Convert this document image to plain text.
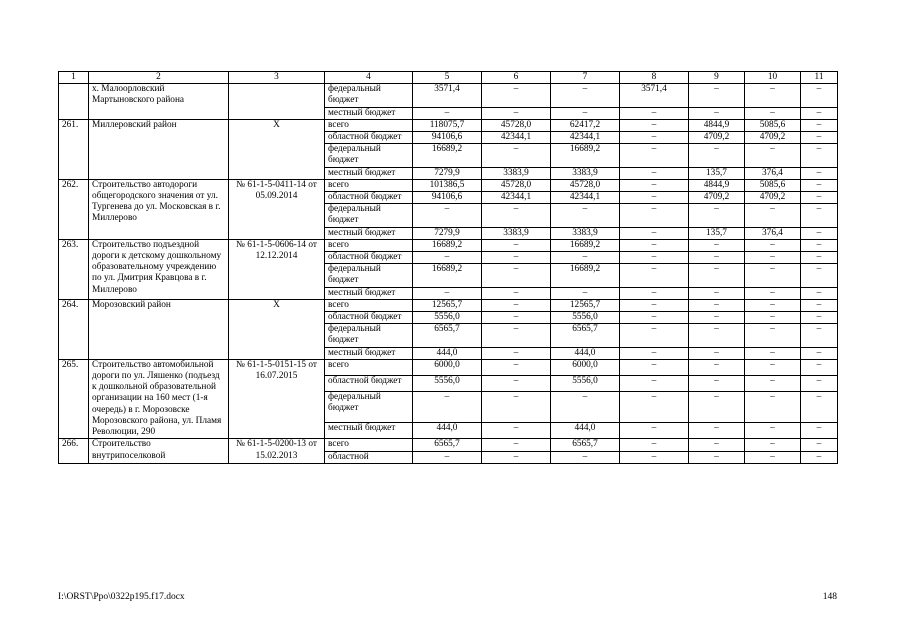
1	2	3	4	5	6	7	8	9	10	11
	х. Малоорловский Мартыновского района		федеральный бюджет	3571,4	–	–	3571,4	–	–	–
			местный бюджет	–	–	–	–	–	–	–
261.	Миллеровский район	Х	всего	118075,7	45728,0	62417,2	–	4844,9	5085,6	–
			областной бюджет	94106,6	42344,1	42344,1	–	4709,2	4709,2	–
			федеральный бюджет	16689,2	–	16689,2	–	–	–	–
			местный бюджет	7279,9	3383,9	3383,9	–	135,7	376,4	–
262.	Строительство автодороги общегородского значения от ул. Тургенева до ул. Московская в г. Миллерово	№ 61-1-5-0411-14 от 05.09.2014	всего	101386,5	45728,0	45728,0	–	4844,9	5085,6	–
			областной бюджет	94106,6	42344,1	42344,1	–	4709,2	4709,2	–
			федеральный бюджет	–	–	–	–	–	–	–
			местный бюджет	7279,9	3383,9	3383,9	–	135,7	376,4	–
263.	Строительство подъездной дороги к детскому дошкольному образовательному учреждению по ул. Дмитрия Кравцова в г. Миллерово	№ 61-1-5-0606-14 от 12.12.2014	всего	16689,2	–	16689,2	–	–	–	–
			областной бюджет	–	–	–	–	–	–	–
			федеральный бюджет	16689,2	–	16689,2	–	–	–	–
			местный бюджет	–	–	–	–	–	–	–
264.	Морозовский район	Х	всего	12565,7	–	12565,7	–	–	–	–
			областной бюджет	5556,0	–	5556,0	–	–	–	–
			федеральный бюджет	6565,7	–	6565,7	–	–	–	–
			местный бюджет	444,0	–	444,0	–	–	–	–
265.	Строительство автомобильной дороги по ул. Ляшенко (подъезд к дошкольной образовательной организации на 160 мест (1-я очередь) в г. Морозовске Морозовского района, ул. Пламя Революции, 290	№ 61-1-5-0151-15 от 16.07.2015	всего	6000,0	–	6000,0	–	–	–	–
			областной бюджет	5556,0	–	5556,0	–	–	–	–
			федеральный бюджет	–	–	–	–	–	–	–
			местный бюджет	444,0	–	444,0	–	–	–	–
266.	Строительство внутрипоселковой	№ 61-1-5-0200-13 от 15.02.2013	всего	6565,7	–	6565,7	–	–	–	–
			областной	–	–	–	–	–	–	–
I:\ORST\Ppo\0322p195.f17.docx	148
